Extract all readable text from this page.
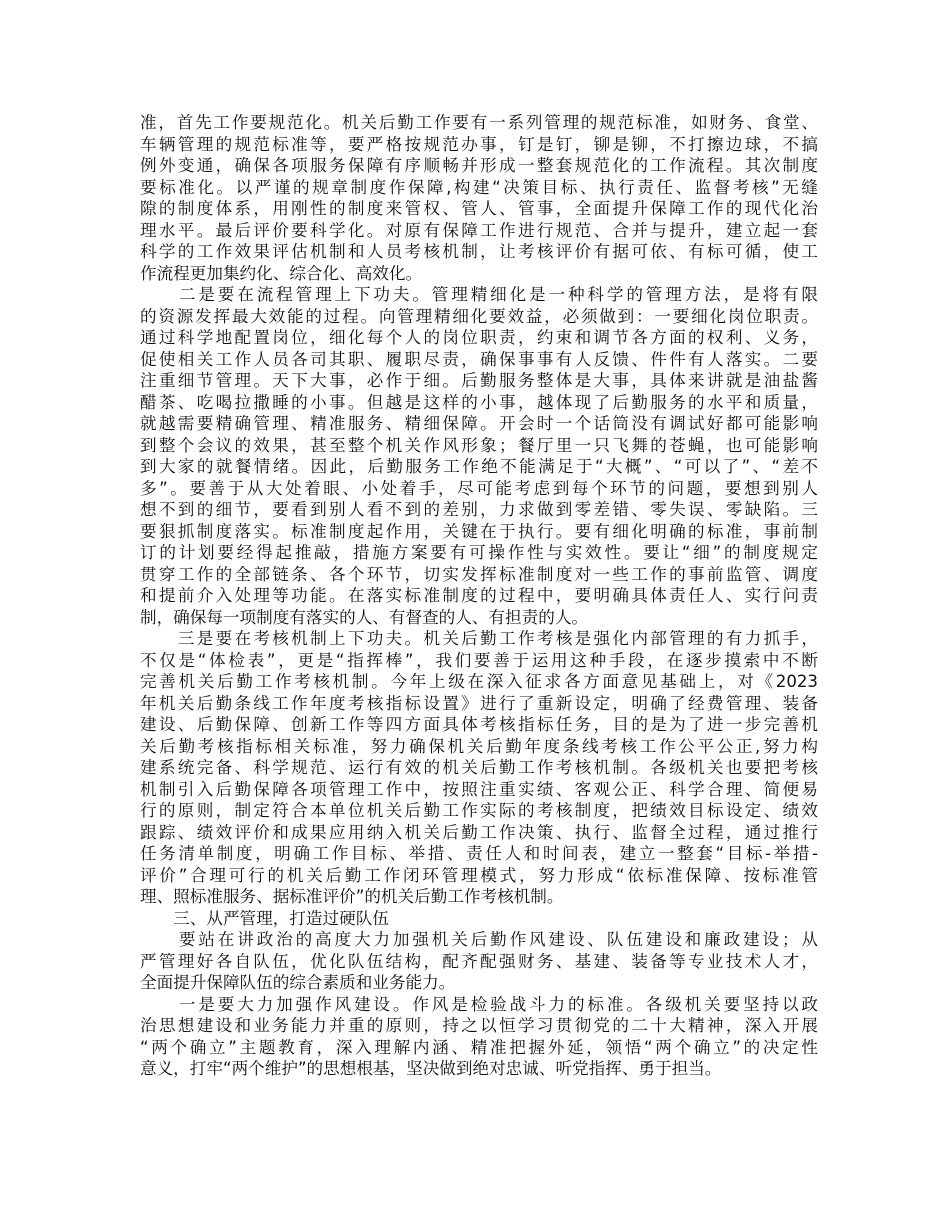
准，首先工作要规范化。机关后勤工作要有一系列管理的规范标准，如财务、食堂、
车辆管理的规范标准等，要严格按规范办事，钉是钉，铆是铆，不打擦边球，不搞
例外变通，确保各项服务保障有序顺畅并形成一整套规范化的工作流程。其次制度
要标准化。以严谨的规章制度作保障,构建“决策目标、执行责任、监督考核”无缝
隙的制度体系，用刚性的制度来管权、管人、管事，全面提升保障工作的现代化治
理水平。最后评价要科学化。对原有保障工作进行规范、合并与提升，建立起一套
科学的工作效果评估机制和人员考核机制，让考核评价有据可依、有标可循，使工
作流程更加集约化、综合化、高效化。
　　二是要在流程管理上下功夫。管理精细化是一种科学的管理方法，是将有限
的资源发挥最大效能的过程。向管理精细化要效益，必须做到：一要细化岗位职责。
通过科学地配置岗位，细化每个人的岗位职责，约束和调节各方面的权利、义务，
促使相关工作人员各司其职、履职尽责，确保事事有人反馈、件件有人落实。二要
注重细节管理。天下大事，必作于细。后勤服务整体是大事，具体来讲就是油盐酱
醋茶、吃喝拉撒睡的小事。但越是这样的小事，越体现了后勤服务的水平和质量，
就越需要精确管理、精准服务、精细保障。开会时一个话筒没有调试好都可能影响
到整个会议的效果，甚至整个机关作风形象；餐厅里一只飞舞的苍蝇，也可能影响
到大家的就餐情绪。因此，后勤服务工作绝不能满足于“大概”、“可以了”、“差不
多”。要善于从大处着眼、小处着手，尽可能考虑到每个环节的问题，要想到别人
想不到的细节，要看到别人看不到的差别，力求做到零差错、零失误、零缺陷。三
要狠抓制度落实。标准制度起作用，关键在于执行。要有细化明确的标准，事前制
订的计划要经得起推敲，措施方案要有可操作性与实效性。要让“细”的制度规定
贯穿工作的全部链条、各个环节，切实发挥标准制度对一些工作的事前监管、调度
和提前介入处理等功能。在落实标准制度的过程中，要明确具体责任人、实行问责
制，确保每一项制度有落实的人、有督查的人、有担责的人。
　　三是要在考核机制上下功夫。机关后勤工作考核是强化内部管理的有力抓手，
不仅是“体检表”，更是“指挥棒”，我们要善于运用这种手段，在逐步摸索中不断
完善机关后勤工作考核机制。今年上级在深入征求各方面意见基础上，对《2023
年机关后勤条线工作年度考核指标设置》进行了重新设定，明确了经费管理、装备
建设、后勤保障、创新工作等四方面具体考核指标任务，目的是为了进一步完善机
关后勤考核指标相关标准，努力确保机关后勤年度条线考核工作公平公正,努力构
建系统完备、科学规范、运行有效的机关后勤工作考核机制。各级机关也要把考核
机制引入后勤保障各项管理工作中，按照注重实绩、客观公正、科学合理、简便易
行的原则，制定符合本单位机关后勤工作实际的考核制度，把绩效目标设定、绩效
跟踪、绩效评价和成果应用纳入机关后勤工作决策、执行、监督全过程，通过推行
任务清单制度，明确工作目标、举措、责任人和时间表，建立一整套“目标-举措-
评价”合理可行的机关后勤工作闭环管理模式，努力形成“依标准保障、按标准管
理、照标准服务、据标准评价”的机关后勤工作考核机制。
　　三、从严管理，打造过硬队伍
　　要站在讲政治的高度大力加强机关后勤作风建设、队伍建设和廉政建设；从
严管理好各自队伍，优化队伍结构，配齐配强财务、基建、装备等专业技术人才，
全面提升保障队伍的综合素质和业务能力。
　　一是要大力加强作风建设。作风是检验战斗力的标准。各级机关要坚持以政
治思想建设和业务能力并重的原则，持之以恒学习贯彻党的二十大精神，深入开展
“两个确立”主题教育，深入理解内涵、精准把握外延，领悟“两个确立”的决定性
意义，打牢“两个维护”的思想根基，坚决做到绝对忠诚、听党指挥、勇于担当。
